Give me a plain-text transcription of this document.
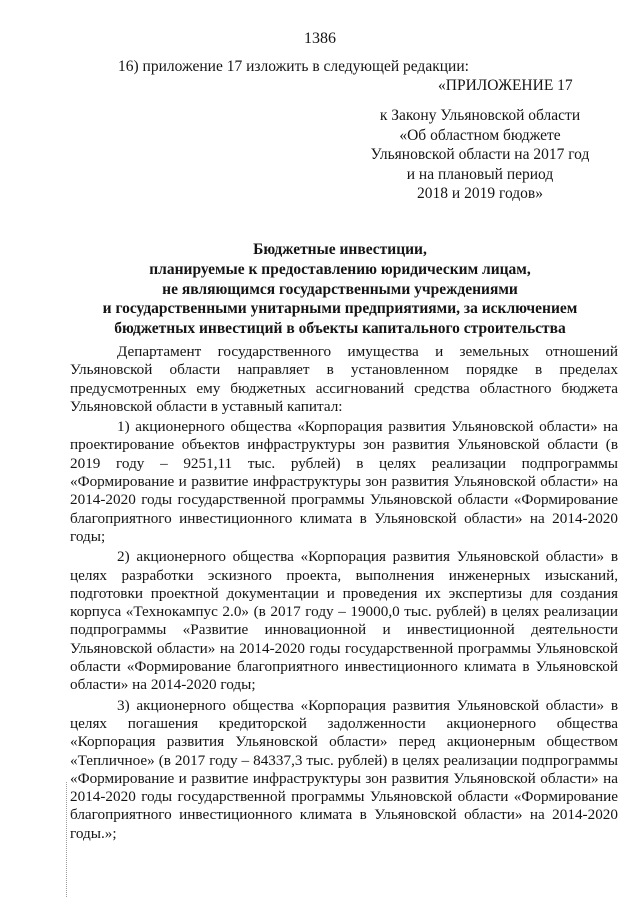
1386
16) приложение 17 изложить в следующей редакции:
«ПРИЛОЖЕНИЕ 17
к Закону Ульяновской области
«Об областном бюджете
Ульяновской области на 2017 год
и на плановый период
2018 и 2019 годов»
Бюджетные инвестиции,
планируемые к предоставлению юридическим лицам,
не являющимся государственными учреждениями
и государственными унитарными предприятиями, за исключением
бюджетных инвестиций в объекты капитального строительства

Департамент государственного имущества и земельных отношений Ульяновской области направляет в установленном порядке в пределах предусмотренных ему бюджетных ассигнований средства областного бюджета Ульяновской области в уставный капитал:

1) акционерного общества «Корпорация развития Ульяновской области» на проектирование объектов инфраструктуры зон развития Ульяновской области (в 2019 году – 9251,11 тыс. рублей) в целях реализации подпрограммы «Формирование и развитие инфраструктуры зон развития Ульяновской области» на 2014-2020 годы государственной программы Ульяновской области «Формирование благоприятного инвестиционного климата в Ульяновской области» на 2014-2020 годы;

2) акционерного общества «Корпорация развития Ульяновской области» в целях разработки эскизного проекта, выполнения инженерных изысканий, подготовки проектной документации и проведения их экспертизы для создания корпуса «Технокампус 2.0» (в 2017 году – 19000,0 тыс. рублей) в целях реализации подпрограммы «Развитие инновационной и инвестиционной деятельности Ульяновской области» на 2014-2020 годы государственной программы Ульяновской области «Формирование благоприятного инвестиционного климата в Ульяновской области» на 2014-2020 годы;

3) акционерного общества «Корпорация развития Ульяновской области» в целях погашения кредиторской задолженности акционерного общества «Корпорация развития Ульяновской области» перед акционерным обществом «Тепличное» (в 2017 году – 84337,3 тыс. рублей) в целях реализации подпрограммы «Формирование и развитие инфраструктуры зон развития Ульяновской области» на 2014-2020 годы государственной программы Ульяновской области «Формирование благоприятного инвестиционного климата в Ульяновской области» на 2014-2020 годы.»;
